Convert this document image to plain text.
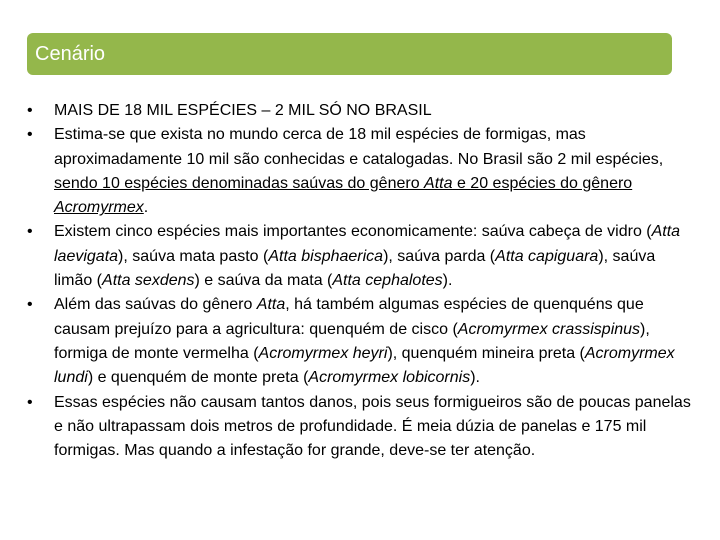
Cenário
• MAIS DE 18 MIL ESPÉCIES – 2 MIL SÓ NO BRASIL
• Estima-se que exista no mundo cerca de 18 mil espécies de formigas, mas aproximadamente 10 mil são conhecidas e catalogadas. No Brasil são 2 mil espécies, sendo 10 espécies denominadas saúvas do gênero Atta e 20 espécies do gênero Acromyrmex.
• Existem cinco espécies mais importantes economicamente: saúva cabeça de vidro (Atta laevigata), saúva mata pasto (Atta bisphaerica), saúva parda (Atta capiguara), saúva limão (Atta sexdens) e saúva da mata (Atta cephalotes).
• Além das saúvas do gênero Atta, há também algumas espécies de quenquéns que causam prejuízo para a agricultura: quenquém de cisco (Acromyrmex crassispinus), formiga de monte vermelha (Acromyrmex heyri), quenquém mineira preta (Acromyrmex lundi) e quenquém de monte preta (Acromyrmex lobicornis).
• Essas espécies não causam tantos danos, pois seus formigueiros são de poucas panelas e não ultrapassam dois metros de profundidade. É meia dúzia de panelas e 175 mil formigas. Mas quando a infestação for grande, deve-se ter atenção.
